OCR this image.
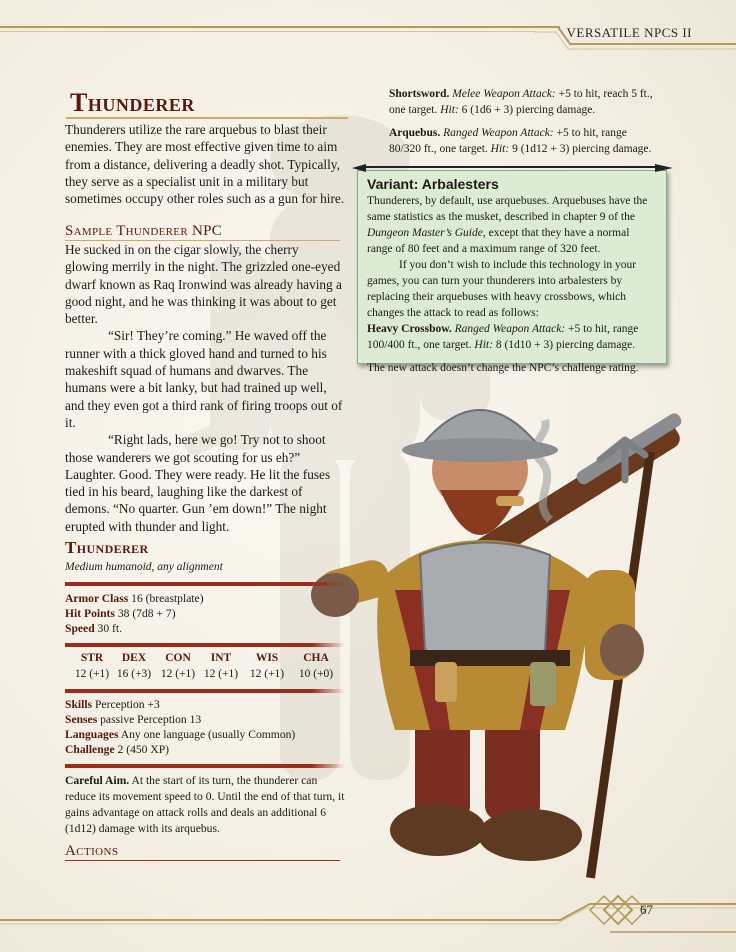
VERSATILE NPCS II
Thunderer
Thunderers utilize the rare arquebus to blast their enemies. They are most effective given time to aim from a distance, delivering a deadly shot. Typically, they serve as a specialist unit in a military but sometimes occupy other roles such as a gun for hire.
Sample Thunderer NPC

He sucked in on the cigar slowly, the cherry glowing merrily in the night. The grizzled one-eyed dwarf known as Raq Ironwind was already having a good night, and he was thinking it was about to get better.

“Sir! They’re coming.” He waved off the runner with a thick gloved hand and turned to his makeshift squad of humans and dwarves. The humans were a bit lanky, but had trained up well, and they even got a third rank of firing troops out of it.

“Right lads, here we go! Try not to shoot those wanderers we got scouting for us eh?” Laughter. Good. They were ready. He lit the fuses tied in his beard, laughing like the darkest of demons. “No quarter. Gun ’em down!” The night erupted with thunder and light.

Thunderer
Medium humanoid, any alignment
Armor Class 16 (breastplate)
Hit Points 38 (7d8 + 7)
Speed 30 ft.
STR	DEX	CON	INT	WIS	CHA
12 (+1) 16 (+3) 12 (+1) 12 (+1)	12 (+1)	10 (+0)
Skills Perception +3
Senses passive Perception 13
Languages Any one language (usually Common)
Challenge 2 (450 XP)
Careful Aim. At the start of its turn, the thunderer can reduce its movement speed to 0. Until the end of that turn, it gains advantage on attack rolls and deals an additional 6 (1d12) damage with its arquebus.
Actions
Shortsword. Melee Weapon Attack: +5 to hit, reach 5 ft.,
one target. Hit: 6 (1d6 + 3) piercing damage.
Arquebus. Ranged Weapon Attack: +5 to hit, range
80/320 ft., one target. Hit: 9 (1d12 + 3) piercing damage.
Variant: Arbalesters

Thunderers, by default, use arquebuses. Arquebuses have the same statistics as the musket, described in chapter 9 of the Dungeon Master’s Guide, except that they have a normal range of 80 feet and a maximum range of 320 feet.

If you don’t wish to include this technology in your games, you can turn your thunderers into arbalesters by replacing their arquebuses with heavy crossbows, which changes the attack to read as follows:

Heavy Crossbow. Ranged Weapon Attack: +5 to hit, range 100/400 ft., one target. Hit: 8 (1d10 + 3) piercing damage.

The new attack doesn’t change the NPC’s challenge rating.

67
